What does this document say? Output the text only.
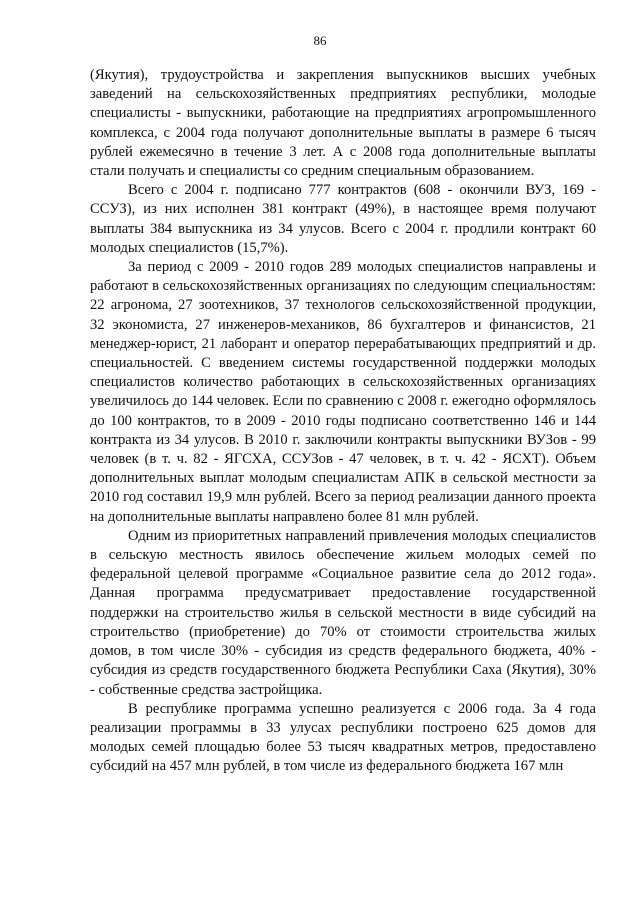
86

(Якутия), трудоустройства и закрепления выпускников высших учебных заведений на сельскохозяйственных предприятиях республики, молодые специалисты - выпускники, работающие на предприятиях агропромышленного комплекса, с 2004 года получают дополнительные выплаты в размере 6 тысяч рублей ежемесячно в течение 3 лет. А с 2008 года дополнительные выплаты стали получать и специалисты со средним специальным образованием.

Всего с 2004 г. подписано 777 контрактов (608 - окончили ВУЗ, 169 - ССУЗ), из них исполнен 381 контракт (49%), в настоящее время получают выплаты 384 выпускника из 34 улусов. Всего с 2004 г. продлили контракт 60 молодых специалистов (15,7%).

За период с 2009 - 2010 годов 289 молодых специалистов направлены и работают в сельскохозяйственных организациях по следующим специальностям: 22 агронома, 27 зоотехников, 37 технологов сельскохозяйственной продукции, 32 экономиста, 27 инженеров-механиков, 86 бухгалтеров и финансистов, 21 менеджер-юрист, 21 лаборант и оператор перерабатывающих предприятий и др. специальностей. С введением системы государственной поддержки молодых специалистов количество работающих в сельскохозяйственных организациях увеличилось до 144 человек. Если по сравнению с 2008 г. ежегодно оформлялось до 100 контрактов, то в 2009 - 2010 годы подписано соответственно 146 и 144 контракта из 34 улусов. В 2010 г. заключили контракты выпускники ВУЗов - 99 человек (в т. ч. 82 - ЯГСХА, ССУЗов - 47 человек, в т. ч. 42 - ЯСХТ). Объем дополнительных выплат молодым специалистам АПК в сельской местности за 2010 год составил 19,9 млн рублей. Всего за период реализации данного проекта на дополнительные выплаты направлено более 81 млн рублей.

Одним из приоритетных направлений привлечения молодых специалистов в сельскую местность явилось обеспечение жильем молодых семей по федеральной целевой программе «Социальное развитие села до 2012 года». Данная программа предусматривает предоставление государственной поддержки на строительство жилья в сельской местности в виде субсидий на строительство (приобретение) до 70% от стоимости строительства жилых домов, в том числе 30% - субсидия из средств федерального бюджета, 40% - субсидия из средств государственного бюджета Республики Саха (Якутия), 30% - собственные средства застройщика.

В республике программа успешно реализуется с 2006 года. За 4 года реализации программы в 33 улусах республики построено 625 домов для молодых семей площадью более 53 тысяч квадратных метров, предоставлено субсидий на 457 млн рублей, в том числе из федерального бюджета 167 млн
